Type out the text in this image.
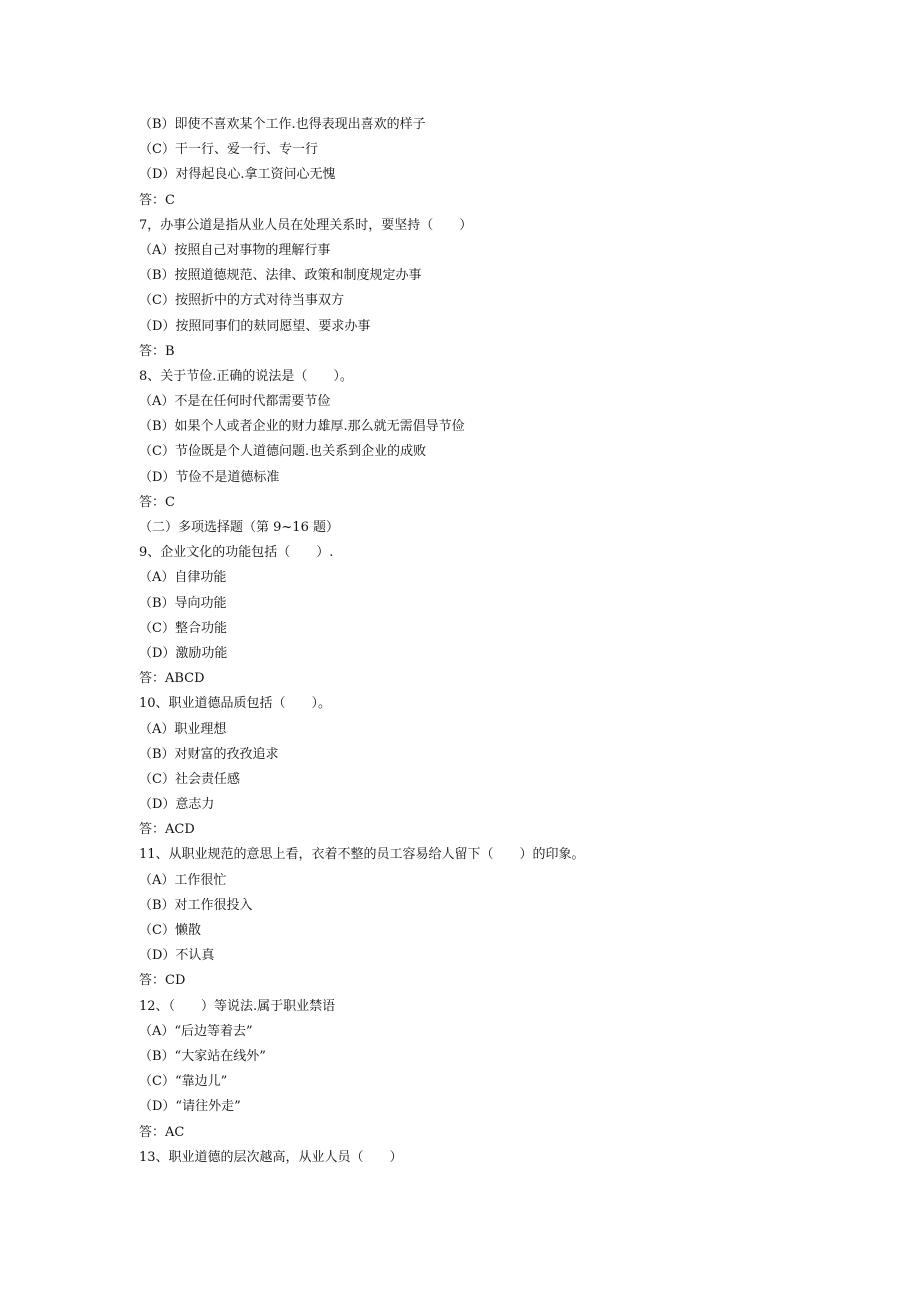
（B）即使不喜欢某个工作.也得表现出喜欢的样子
（C）干一行、爱一行、专一行
（D）对得起良心.拿工资问心无愧
答：C
7，办事公道是指从业人员在处理关系时，要坚持（　　）
（A）按照自己对事物的理解行事
（B）按照道德规范、法律、政策和制度规定办事
（C）按照折中的方式对待当事双方
（D）按照同事们的麸同愿望、要求办事
答：B
8、关于节俭.正确的说法是（　　）。
（A）不是在任何时代都需要节俭
（B）如果个人或者企业的财力雄厚.那么就无需倡导节俭
（C）节俭既是个人道德问题.也关系到企业的成败
（D）节俭不是道德标准
答：C
（二）多项选择题（第 9~16 题）
9、企业文化的功能包括（　　）.
（A）自律功能
（B）导向功能
（C）整合功能
（D）激励功能
答：ABCD
10、职业道德品质包括（　　）。
（A）职业理想
（B）对财富的孜孜追求
（C）社会责任感
（D）意志力
答：ACD
11、从职业规范的意思上看，衣着不整的员工容易给人留下（　　）的印象。
（A）工作很忙
（B）对工作很投入
（C）懒散
（D）不认真
答：CD
12、（　　）等说法.属于职业禁语
（A）“后边等着去”
（B）“大家站在线外”
（C）“靠边儿”
（D）“请往外走”
答：AC
13、职业道德的层次越高，从业人员（　　）
